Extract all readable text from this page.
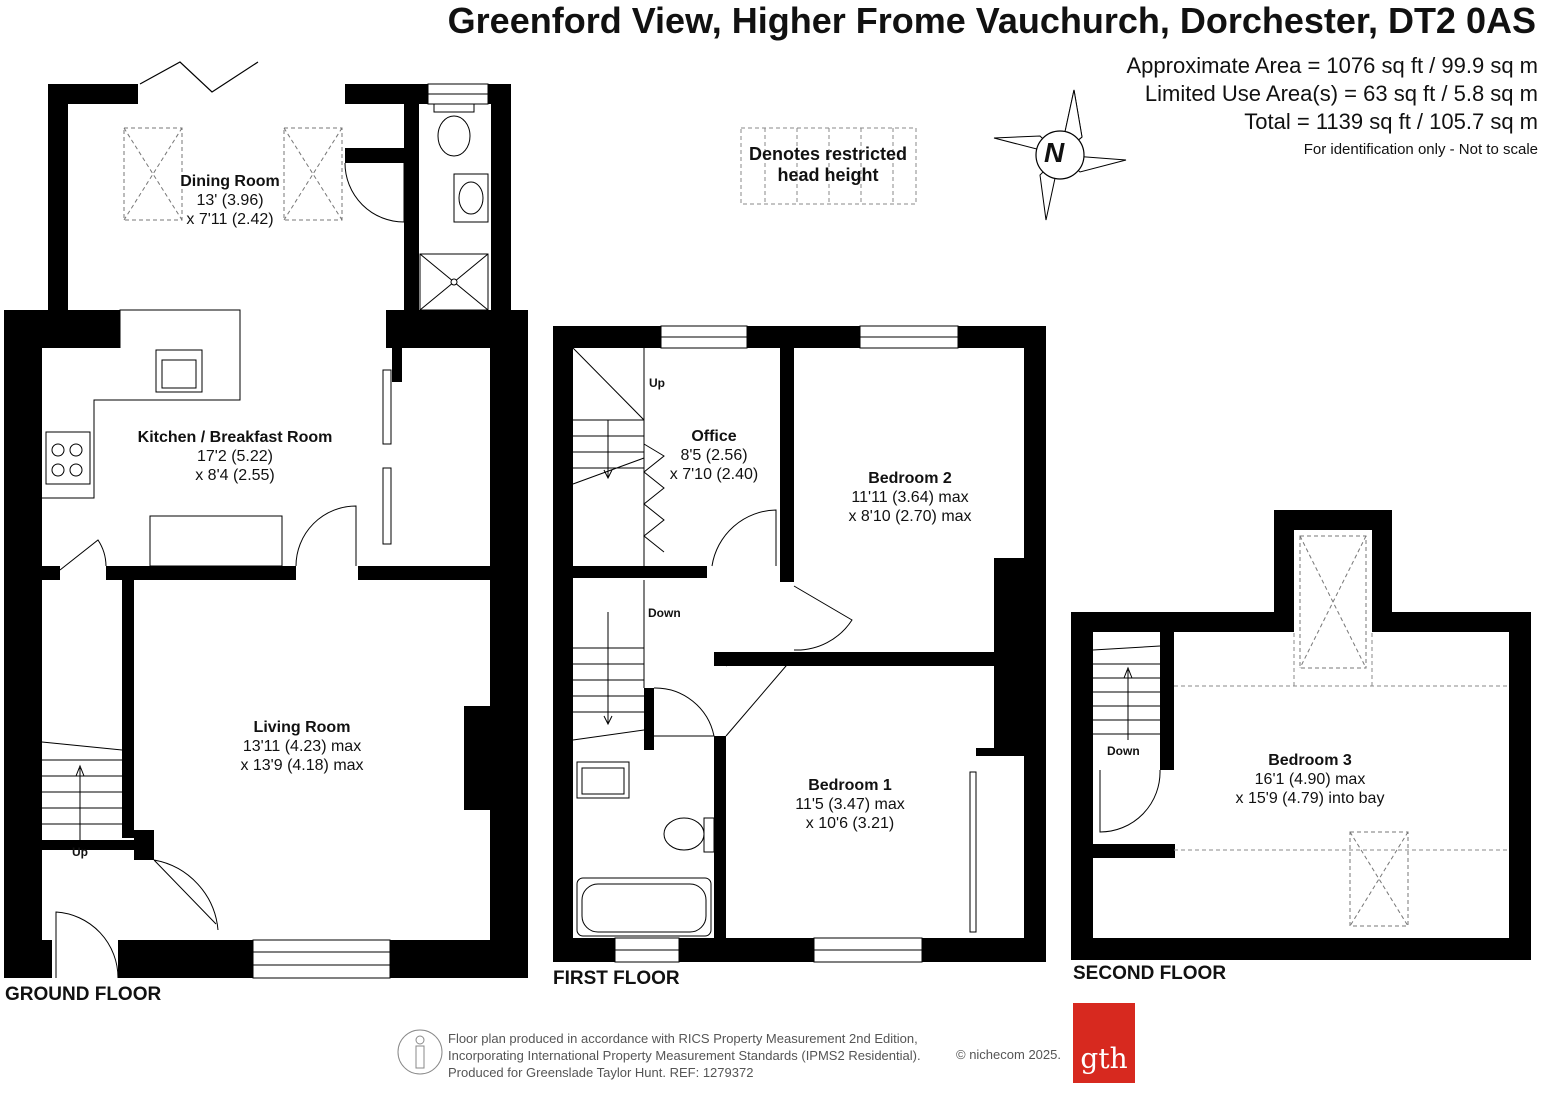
Greenford View, Higher Frome Vauchurch, Dorchester, DT2 0AS
Approximate Area = 1076 sq ft / 99.9 sq m
Limited Use Area(s) = 63 sq ft / 5.8 sq m
Total = 1139 sq ft / 105.7 sq m
For identification only - Not to scale
Denotes restricted
head height
N
Dining Room
13' (3.96)
x 7'11 (2.42)
Kitchen / Breakfast Room
17'2 (5.22)
x 8'4 (2.55)
Living Room
13'11 (4.23) max
x 13'9 (4.18) max
Office
8'5 (2.56)
x 7'10 (2.40)	Bedroom 2
11'11 (3.64) max
x 8'10 (2.70) max
Bedroom 1
11'5 (3.47) max
x 10'6 (3.21)
Bedroom 3
16'1 (4.90) max
x 15'9 (4.79) into bay
Up
Up
Down
Down
GROUND FLOOR
FIRST FLOOR	SECOND FLOOR
Floor plan produced in accordance with RICS Property Measurement 2nd Edition,
Incorporating International Property Measurement Standards (IPMS2 Residential).
Produced for Greenslade Taylor Hunt. REF: 1279372
© nichecom 2025. gth
